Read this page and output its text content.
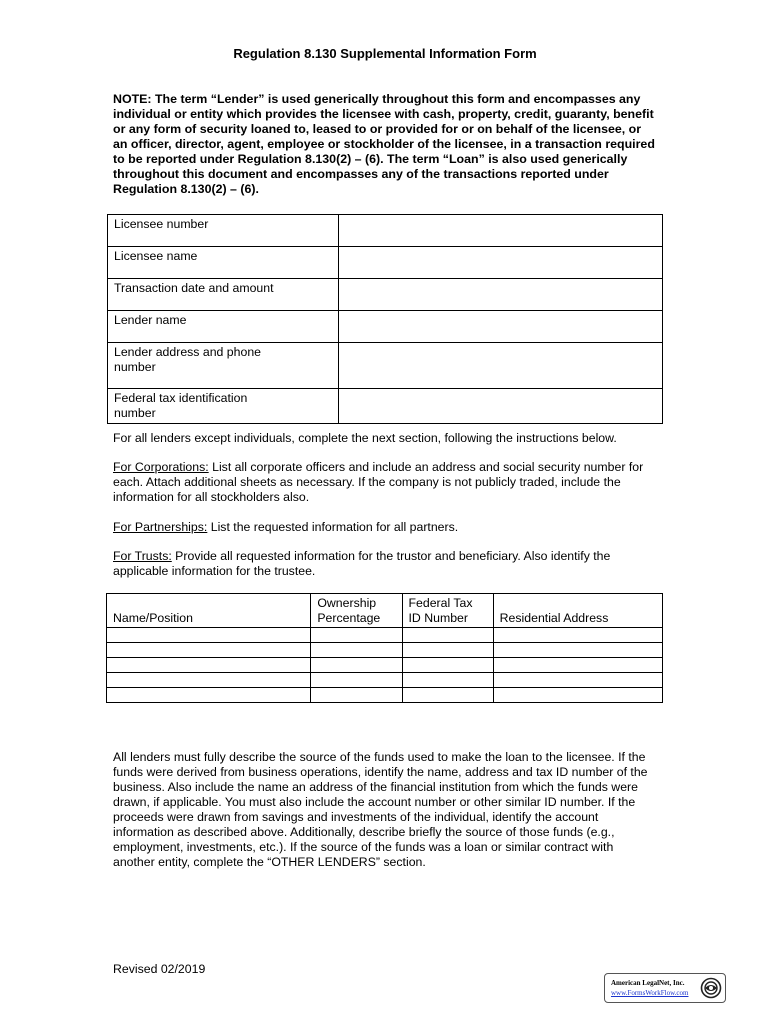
Regulation 8.130 Supplemental Information Form
NOTE: The term “Lender” is used generically throughout this form and encompasses any individual or entity which provides the licensee with cash, property, credit, guaranty, benefit or any form of security loaned to, leased to or provided for or on behalf of the licensee, or an officer, director, agent, employee or stockholder of the licensee, in a transaction required to be reported under Regulation 8.130(2) – (6). The term “Loan” is also used generically throughout this document and encompasses any of the transactions reported under Regulation 8.130(2) – (6).
Licensee number	
Licensee name	
Transaction date and amount	
Lender name	
Lender address and phone number	
Federal tax identification number	
For all lenders except individuals, complete the next section, following the instructions below.
For Corporations: List all corporate officers and include an address and social security number for each. Attach additional sheets as necessary. If the company is not publicly traded, include the information for all stockholders also.
For Partnerships: List the requested information for all partners.
For Trusts: Provide all requested information for the trustor and beneficiary. Also identify the applicable information for the trustee.
Name/Position	Ownership Percentage	Federal Tax ID Number	Residential Address

All lenders must fully describe the source of the funds used to make the loan to the licensee. If the funds were derived from business operations, identify the name, address and tax ID number of the business. Also include the name an address of the financial institution from which the funds were drawn, if applicable. You must also include the account number or other similar ID number. If the proceeds were drawn from savings and investments of the individual, identify the account information as described above. Additionally, describe briefly the source of those funds (e.g., employment, investments, etc.). If the source of the funds was a loan or similar contract with another entity, complete the “OTHER LENDERS” section.
Revised 02/2019
American LegalNet, Inc.
www.FormsWorkFlow.com
